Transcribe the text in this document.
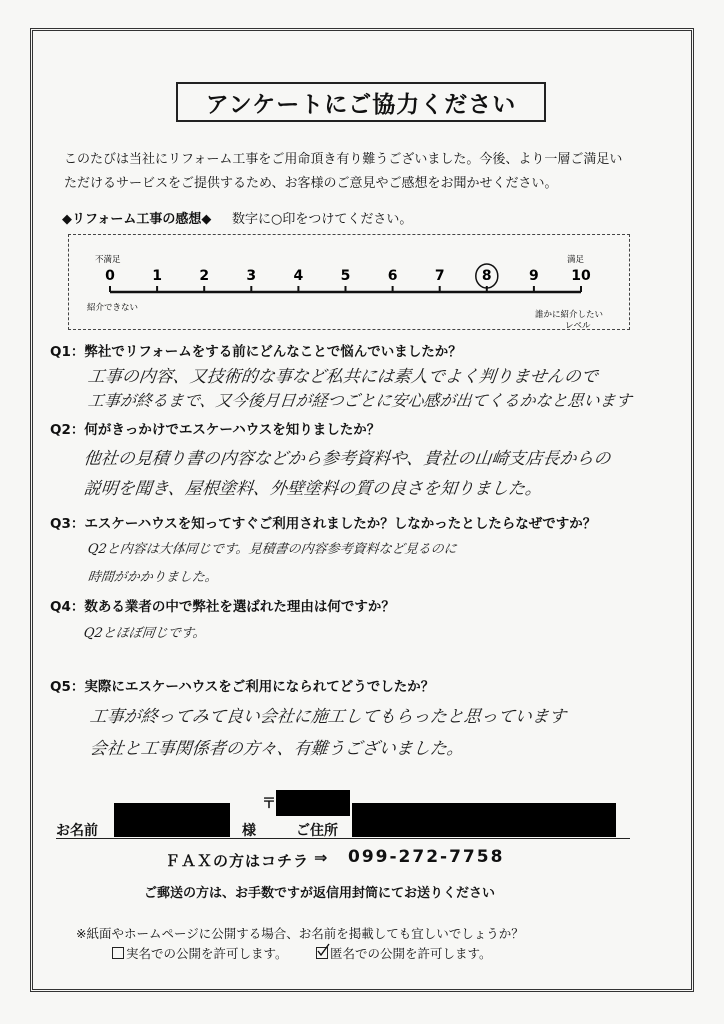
アンケートにご協力ください
このたびは当社にリフォーム工事をご用命頂き有り難うございました。今後、より一層ご満足い
ただけるサービスをご提供するため、お客様のご意見やご感想をお聞かせください。
◆リフォーム工事の感想◆ 数字に○印をつけてください。
不満足	満足
0	1	2	3	4	5	6	7	8	9 10
紹介できない
誰かに紹介したい
レベル
Q1：弊社でリフォームをする前にどんなことで悩んでいましたか？
工事の内容、又技術的な事など私共には素人でよく判りませんので
工事が終るまで、又今後月日が経つごとに安心感が出てくるかなと思います
Q2：何がきっかけでエスケーハウスを知りましたか？
他社の見積り書の内容などから参考資料や、貴社の山崎支店長からの
説明を聞き、屋根塗料、外壁塗料の質の良さを知りました。
Q3：エスケーハウスを知ってすぐご利用されましたか？しなかったとしたらなぜですか？
Q2と内容は大体同じです。見積書の内容参考資料など見るのに
時間がかかりました。
Q4：数ある業者の中で弊社を選ばれた理由は何ですか？
Q2とほぼ同じです。
Q5：実際にエスケーハウスをご利用になられてどうでしたか？
工事が終ってみて良い会社に施工してもらったと思っています
会社と工事関係者の方々、有難うございました。
お名前	様
〒
ご住所
ＦＡＸの方はコチラ ⇒ 099-272-7758
ご郵送の方は、お手数ですが返信用封筒にてお送りください
※紙面やホームページに公開する場合、お名前を掲載しても宜しいでしょうか？
実名での公開を許可します。	匿名での公開を許可します。
